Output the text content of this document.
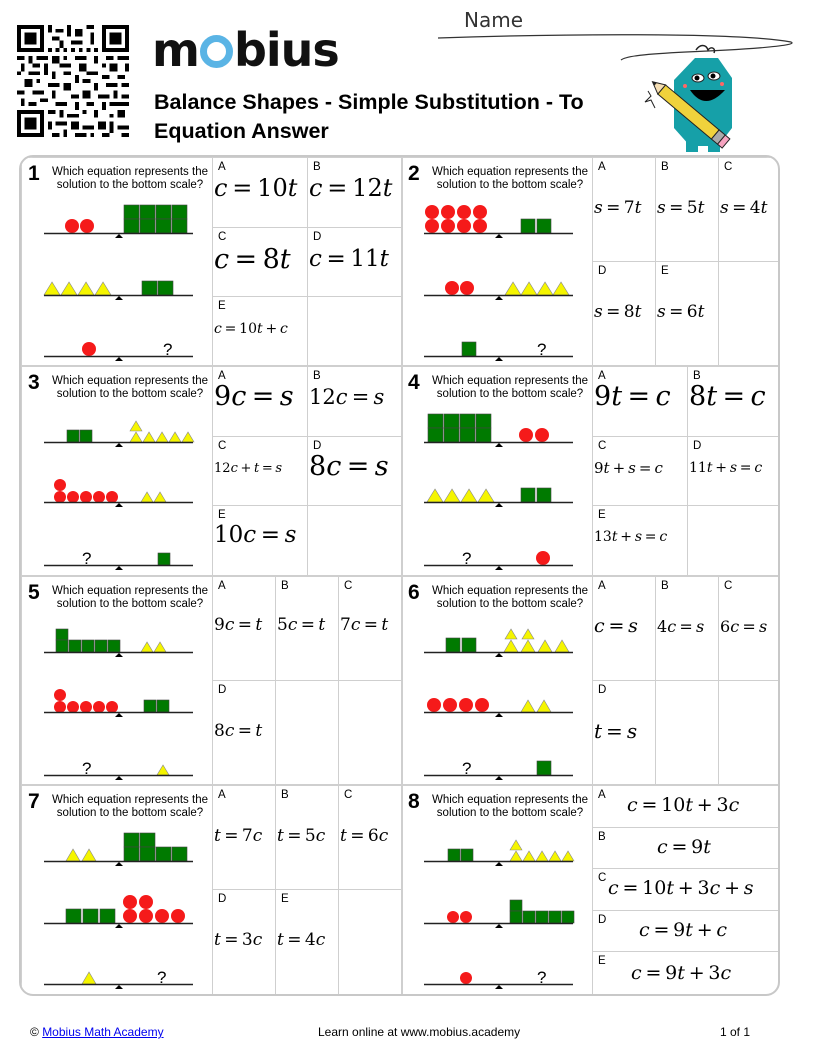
m bius
Balance Shapes - Simple Substitution - To Equation Answer
Name
1	Which equation represents the solution to the bottom scale?
?
A
c  =  10t
B
c  =  12t
C
c  =  8t
D
c  =  11t
E
c  =  10t  +  c
2	Which equation represents the solution to the bottom scale?
?
A
s  =  7t
B
s  =  5t
C
s  =  4t
D
s  =  8t
E
s  =  6t
3	Which equation represents the solution to the bottom scale?
?
A
9c  =  s
B
12c  =  s
C
12c  +  t  =  s
D
8c  =  s
E
10c  =  s
4	Which equation represents the solution to the bottom scale?
?
A
9t  =  c
B
8t  =  c
C
9t  +  s  =  c
D
11t  +  s  =  c
E
13t  +  s  =  c
5	Which equation represents the solution to the bottom scale?
?
A
9c  =  t
B
5c  =  t
C
7c  =  t
D
8c  =  t
6	Which equation represents the solution to the bottom scale?
?
A
c  =  s
B
4c  =  s
C
6c  =  s
D
t  =  s
7	Which equation represents the solution to the bottom scale?
?
A
t  =  7c
B
t  =  5c
C
t  =  6c
D
t  =  3c
E
t  =  4c
8	Which equation represents the solution to the bottom scale?
?
A c  =  10t  +  3c
B	c  =  9t
C c  =  10t  +  3c  +  s
D c  =  9t  +  c
E
c  =  9t  +  3c
© Mobius Math Academy	Learn online at www.mobius.academy	1 of 1
